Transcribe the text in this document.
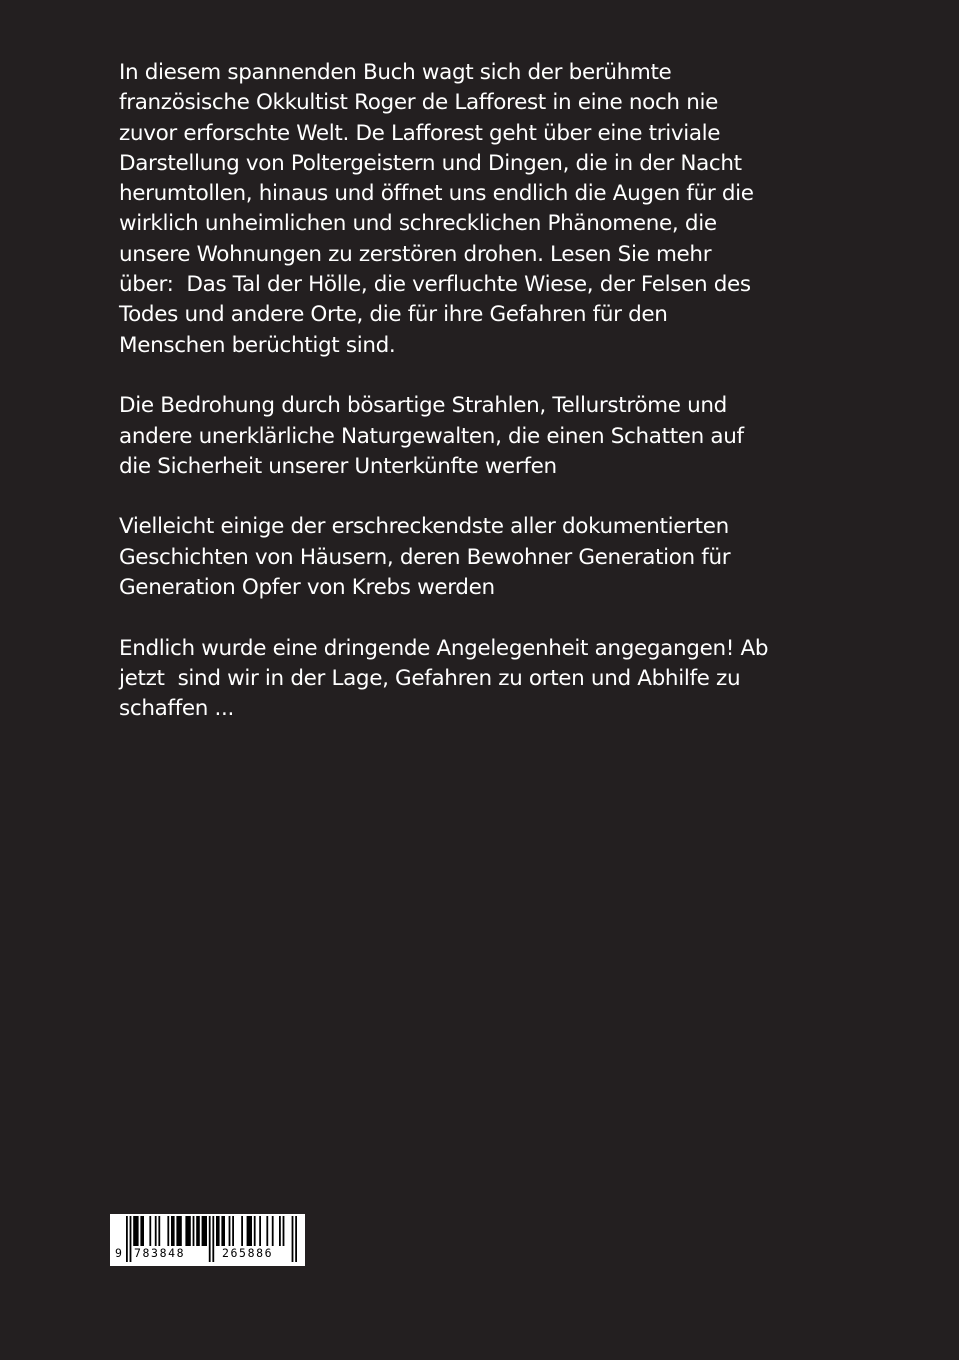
In diesem spannenden Buch wagt sich der berühmte
französische Okkultist Roger de Lafforest in eine noch nie
zuvor erforschte Welt. De Lafforest geht über eine triviale
Darstellung von Poltergeistern und Dingen, die in der Nacht
herumtollen, hinaus und öffnet uns endlich die Augen für die
wirklich unheimlichen und schrecklichen Phänomene, die
unsere Wohnungen zu zerstören drohen. Lesen Sie mehr
über:  Das Tal der Hölle, die verfluchte Wiese, der Felsen des
Todes und andere Orte, die für ihre Gefahren für den
Menschen berüchtigt sind.

Die Bedrohung durch bösartige Strahlen, Tellurströme und
andere unerklärliche Naturgewalten, die einen Schatten auf
die Sicherheit unserer Unterkünfte werfen

Vielleicht einige der erschreckendste aller dokumentierten
Geschichten von Häusern, deren Bewohner Generation für
Generation Opfer von Krebs werden

Endlich wurde eine dringende Angelegenheit angegangen! Ab
jetzt  sind wir in der Lage, Gefahren zu orten und Abhilfe zu
schaffen ...

9 783848	265886
